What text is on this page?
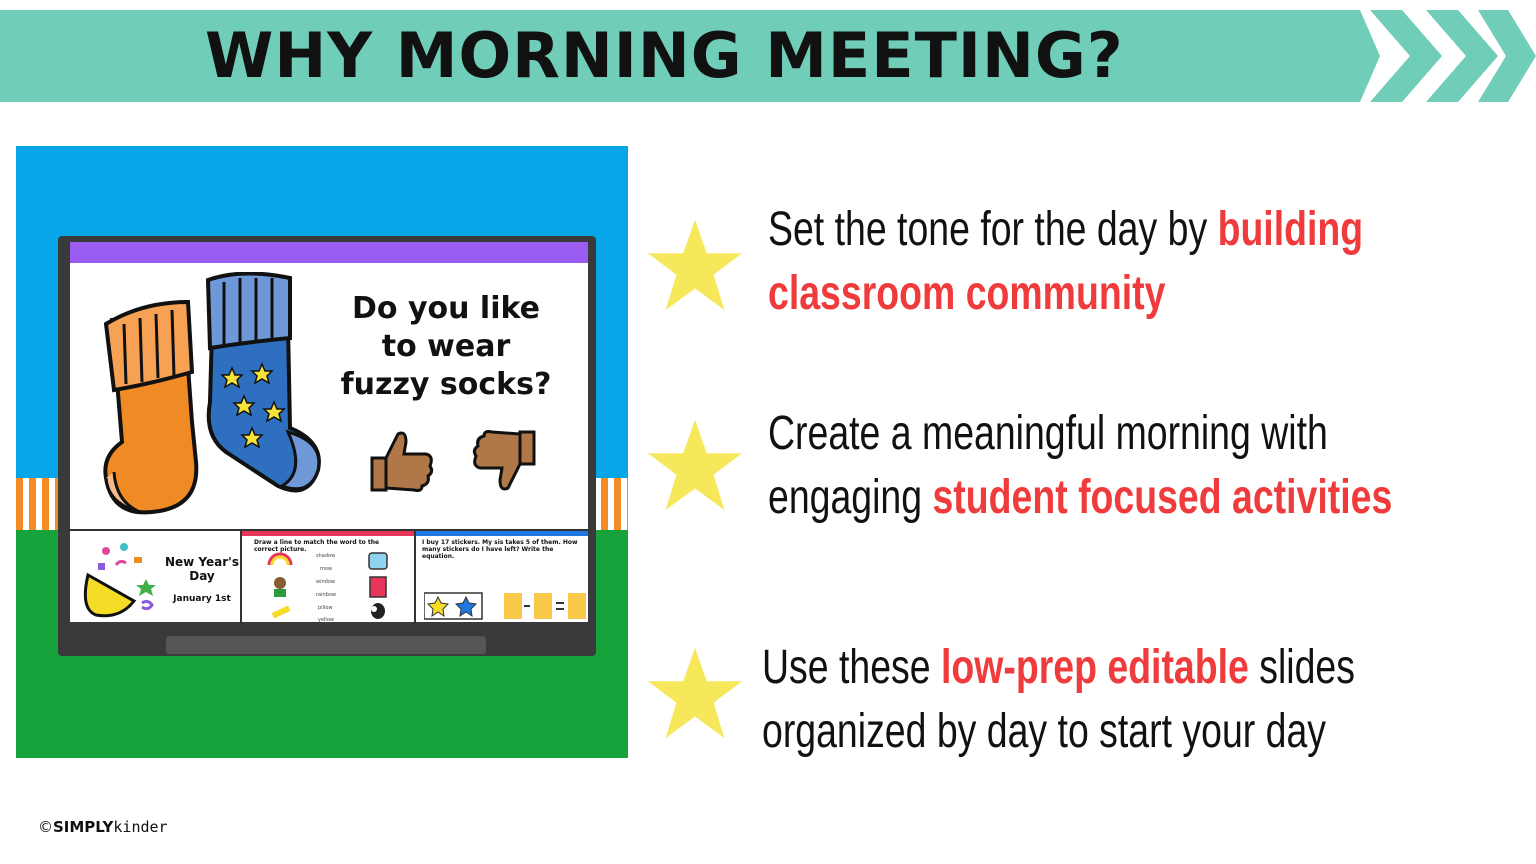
WHY MORNING MEETING?

Do you like
to wear
fuzzy socks?

New Year's
Day

January 1st
Draw a line to match the word to the correct picture.
shadow
mow
window
rainbow
pillow
yellow
I buy 17 stickers. My sis takes 5 of them. How many stickers do I have left? Write the equation.

Set the tone for the day by building
classroom community

Create a meaningful morning with
engaging student focused activities

Use these low-prep editable slides
organized by day to start your day

©SIMPLYkinder
